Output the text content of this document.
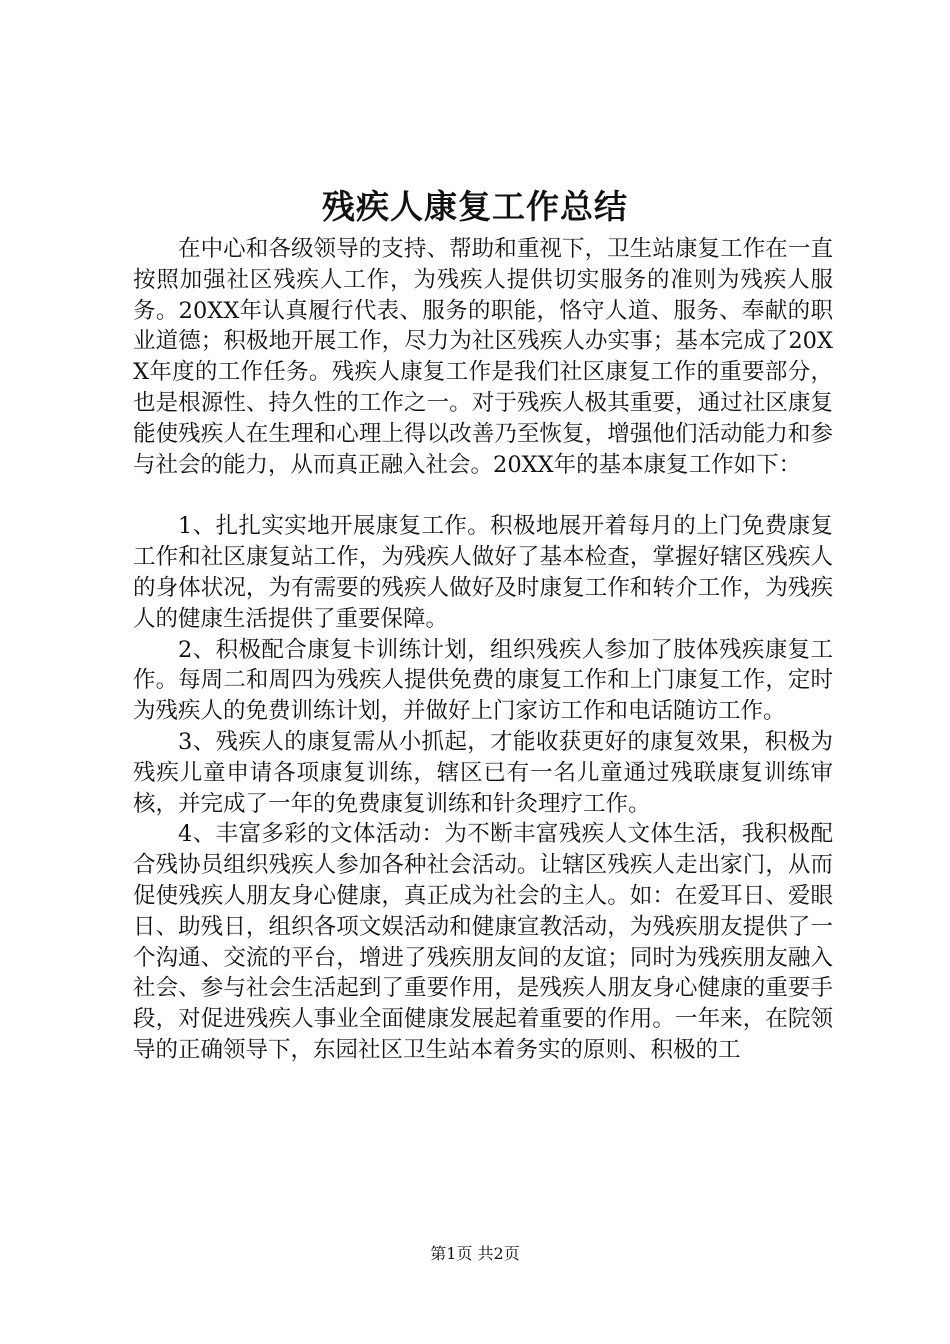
残疾人康复工作总结

在中心和各级领导的支持、帮助和重视下，卫生站康复工作在一直按照加强社区残疾人工作，为残疾人提供切实服务的准则为残疾人服务。20XX年认真履行代表、服务的职能，恪守人道、服务、奉献的职业道德；积极地开展工作，尽力为社区残疾人办实事；基本完成了20XX年度的工作任务。残疾人康复工作是我们社区康复工作的重要部分，也是根源性、持久性的工作之一。对于残疾人极其重要，通过社区康复能使残疾人在生理和心理上得以改善乃至恢复，增强他们活动能力和参与社会的能力，从而真正融入社会。20XX年的基本康复工作如下：

1、扎扎实实地开展康复工作。积极地展开着每月的上门免费康复工作和社区康复站工作，为残疾人做好了基本检查，掌握好辖区残疾人的身体状况，为有需要的残疾人做好及时康复工作和转介工作，为残疾人的健康生活提供了重要保障。

2、积极配合康复卡训练计划，组织残疾人参加了肢体残疾康复工作。每周二和周四为残疾人提供免费的康复工作和上门康复工作，定时为残疾人的免费训练计划，并做好上门家访工作和电话随访工作。

3、残疾人的康复需从小抓起，才能收获更好的康复效果，积极为残疾儿童申请各项康复训练，辖区已有一名儿童通过残联康复训练审核，并完成了一年的免费康复训练和针灸理疗工作。

4、丰富多彩的文体活动：为不断丰富残疾人文体生活，我积极配合残协员组织残疾人参加各种社会活动。让辖区残疾人走出家门，从而促使残疾人朋友身心健康，真正成为社会的主人。如：在爱耳日、爱眼日、助残日，组织各项文娱活动和健康宣教活动，为残疾朋友提供了一个沟通、交流的平台，增进了残疾朋友间的友谊；同时为残疾朋友融入社会、参与社会生活起到了重要作用，是残疾人朋友身心健康的重要手段，对促进残疾人事业全面健康发展起着重要的作用。一年来，在院领导的正确领导下，东园社区卫生站本着务实的原则、积极的工

第1页 共2页
